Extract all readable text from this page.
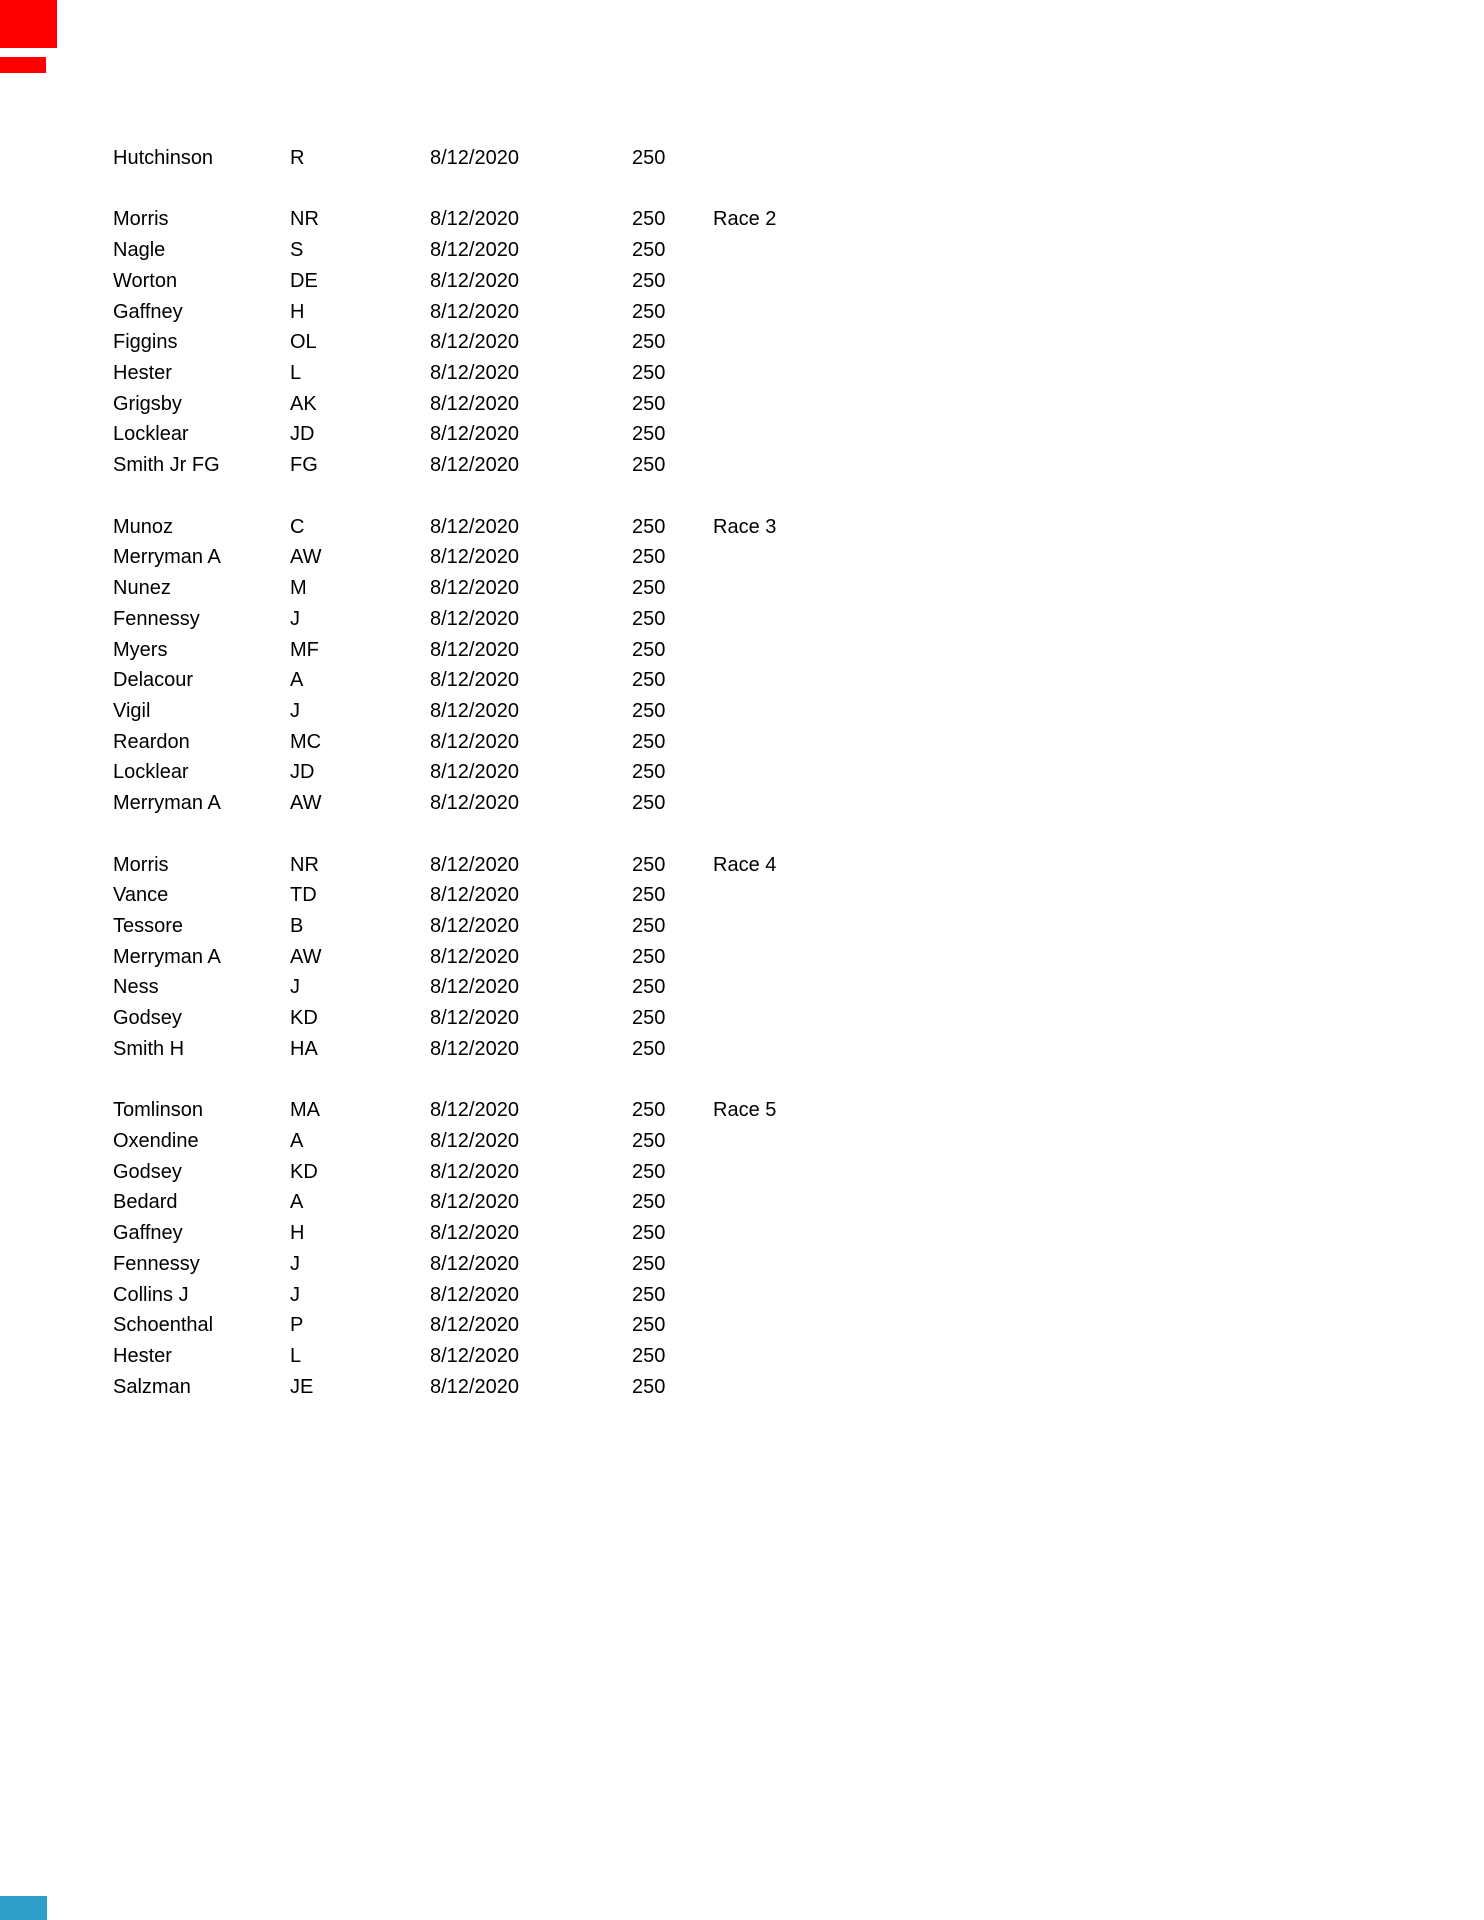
Hutchinson	R	8/12/2020	250
Morris	NR	8/12/2020	250	Race 2
Nagle	S	8/12/2020	250
Worton	DE	8/12/2020	250
Gaffney	H	8/12/2020	250
Figgins	OL	8/12/2020	250
Hester	L	8/12/2020	250
Grigsby	AK	8/12/2020	250
Locklear	JD	8/12/2020	250
Smith Jr FG	FG	8/12/2020	250
Munoz	C	8/12/2020	250	Race 3
Merryman A	AW	8/12/2020	250
Nunez	M	8/12/2020	250
Fennessy	J	8/12/2020	250
Myers	MF	8/12/2020	250
Delacour	A	8/12/2020	250
Vigil	J	8/12/2020	250
Reardon	MC	8/12/2020	250
Locklear	JD	8/12/2020	250
Merryman A	AW	8/12/2020	250
Morris	NR	8/12/2020	250	Race 4
Vance	TD	8/12/2020	250
Tessore	B	8/12/2020	250
Merryman A	AW	8/12/2020	250
Ness	J	8/12/2020	250
Godsey	KD	8/12/2020	250
Smith H	HA	8/12/2020	250
Tomlinson	MA	8/12/2020	250	Race 5
Oxendine	A	8/12/2020	250
Godsey	KD	8/12/2020	250
Bedard	A	8/12/2020	250
Gaffney	H	8/12/2020	250
Fennessy	J	8/12/2020	250
Collins J	J	8/12/2020	250
Schoenthal	P	8/12/2020	250
Hester	L	8/12/2020	250
Salzman	JE	8/12/2020	250
